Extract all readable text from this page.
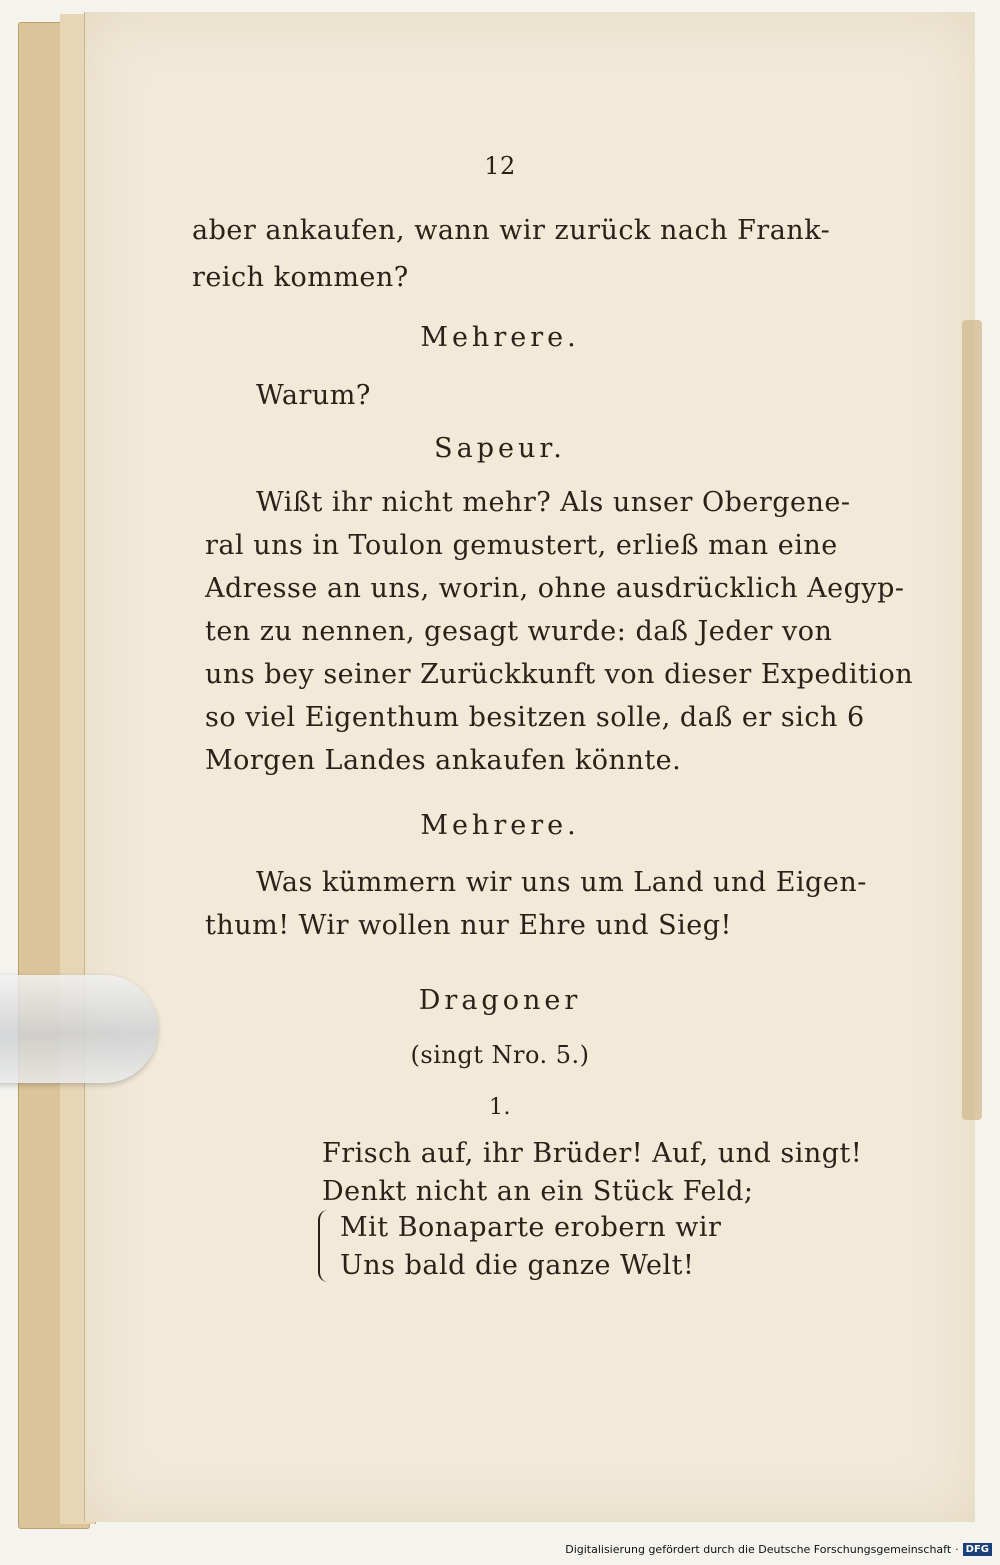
12
aber ankaufen, wann wir zurück nach Frank-
reich kommen?
Mehrere.
Warum?
Sapeur.
Wißt ihr nicht mehr? Als unser Obergene-
ral uns in Toulon gemustert, erließ man eine
Adresse an uns, worin, ohne ausdrücklich Aegyp-
ten zu nennen, gesagt wurde: daß Jeder von
uns bey seiner Zurückkunft von dieser Expedition
so viel Eigenthum besitzen solle, daß er sich 6
Morgen Landes ankaufen könnte.
Mehrere.
Was kümmern wir uns um Land und Eigen-
thum! Wir wollen nur Ehre und Sieg!
Dragoner
(singt Nro. 5.)
1.
Frisch auf, ihr Brüder! Auf, und singt!
Denkt nicht an ein Stück Feld;
Mit Bonaparte erobern wir
Uns bald die ganze Welt!
Digitalisierung gefördert durch die Deutsche Forschungsgemeinschaft · DFG
